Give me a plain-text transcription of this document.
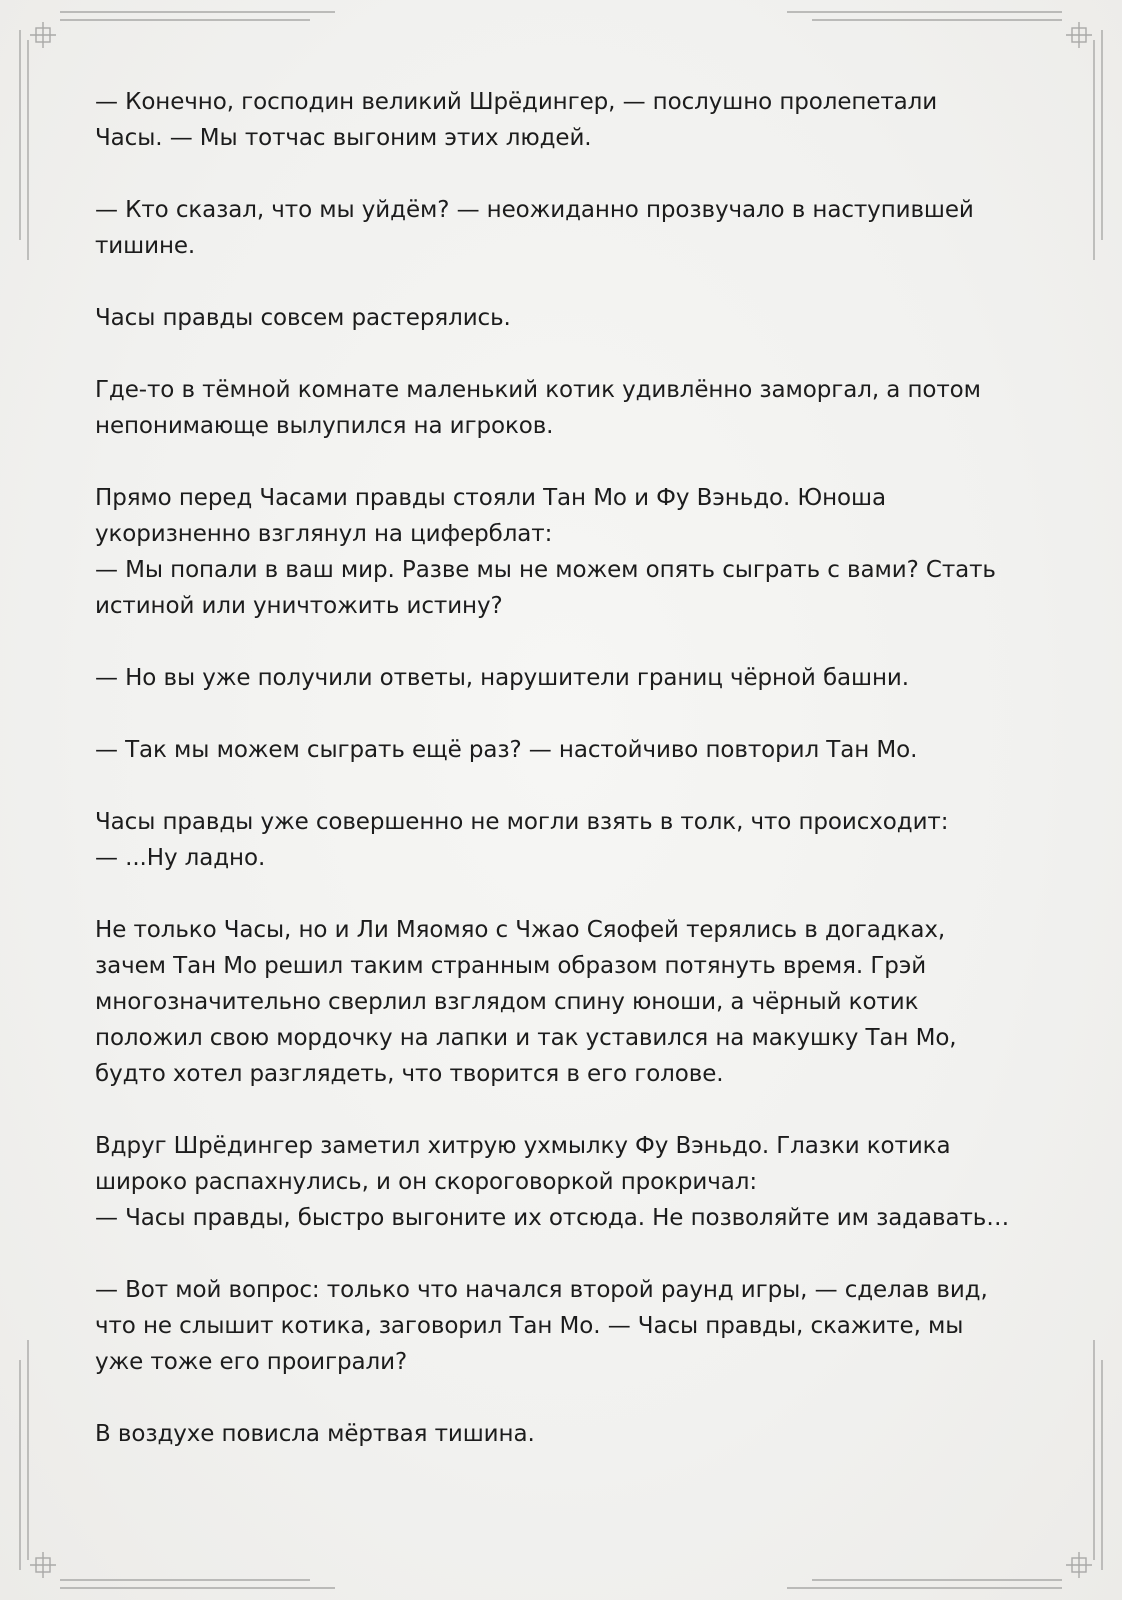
— Конечно, господин великий Шрёдингер, — послушно пролепетали
Часы. — Мы тотчас выгоним этих людей.

— Кто сказал, что мы уйдём? — неожиданно прозвучало в наступившей
тишине.

Часы правды совсем растерялись.

Где-то в тёмной комнате маленький котик удивлённо заморгал, а потом
непонимающе вылупился на игроков.

Прямо перед Часами правды стояли Тан Мо и Фу Вэньдо. Юноша
укоризненно взглянул на циферблат:
— Мы попали в ваш мир. Разве мы не можем опять сыграть с вами? Стать
истиной или уничтожить истину?

— Но вы уже получили ответы, нарушители границ чёрной башни.

— Так мы можем сыграть ещё раз? — настойчиво повторил Тан Мо.

Часы правды уже совершенно не могли взять в толк, что происходит:
— ...Ну ладно.

Не только Часы, но и Ли Мяомяо с Чжао Сяофей терялись в догадках,
зачем Тан Мо решил таким странным образом потянуть время. Грэй
многозначительно сверлил взглядом спину юноши, а чёрный котик
положил свою мордочку на лапки и так уставился на макушку Тан Мо,
будто хотел разглядеть, что творится в его голове.

Вдруг Шрёдингер заметил хитрую ухмылку Фу Вэньдо. Глазки котика
широко распахнулись, и он скороговоркой прокричал:
— Часы правды, быстро выгоните их отсюда. Не позволяйте им задавать…

— Вот мой вопрос: только что начался второй раунд игры, — сделав вид,
что не слышит котика, заговорил Тан Мо. — Часы правды, скажите, мы
уже тоже его проиграли?

В воздухе повисла мёртвая тишина.
